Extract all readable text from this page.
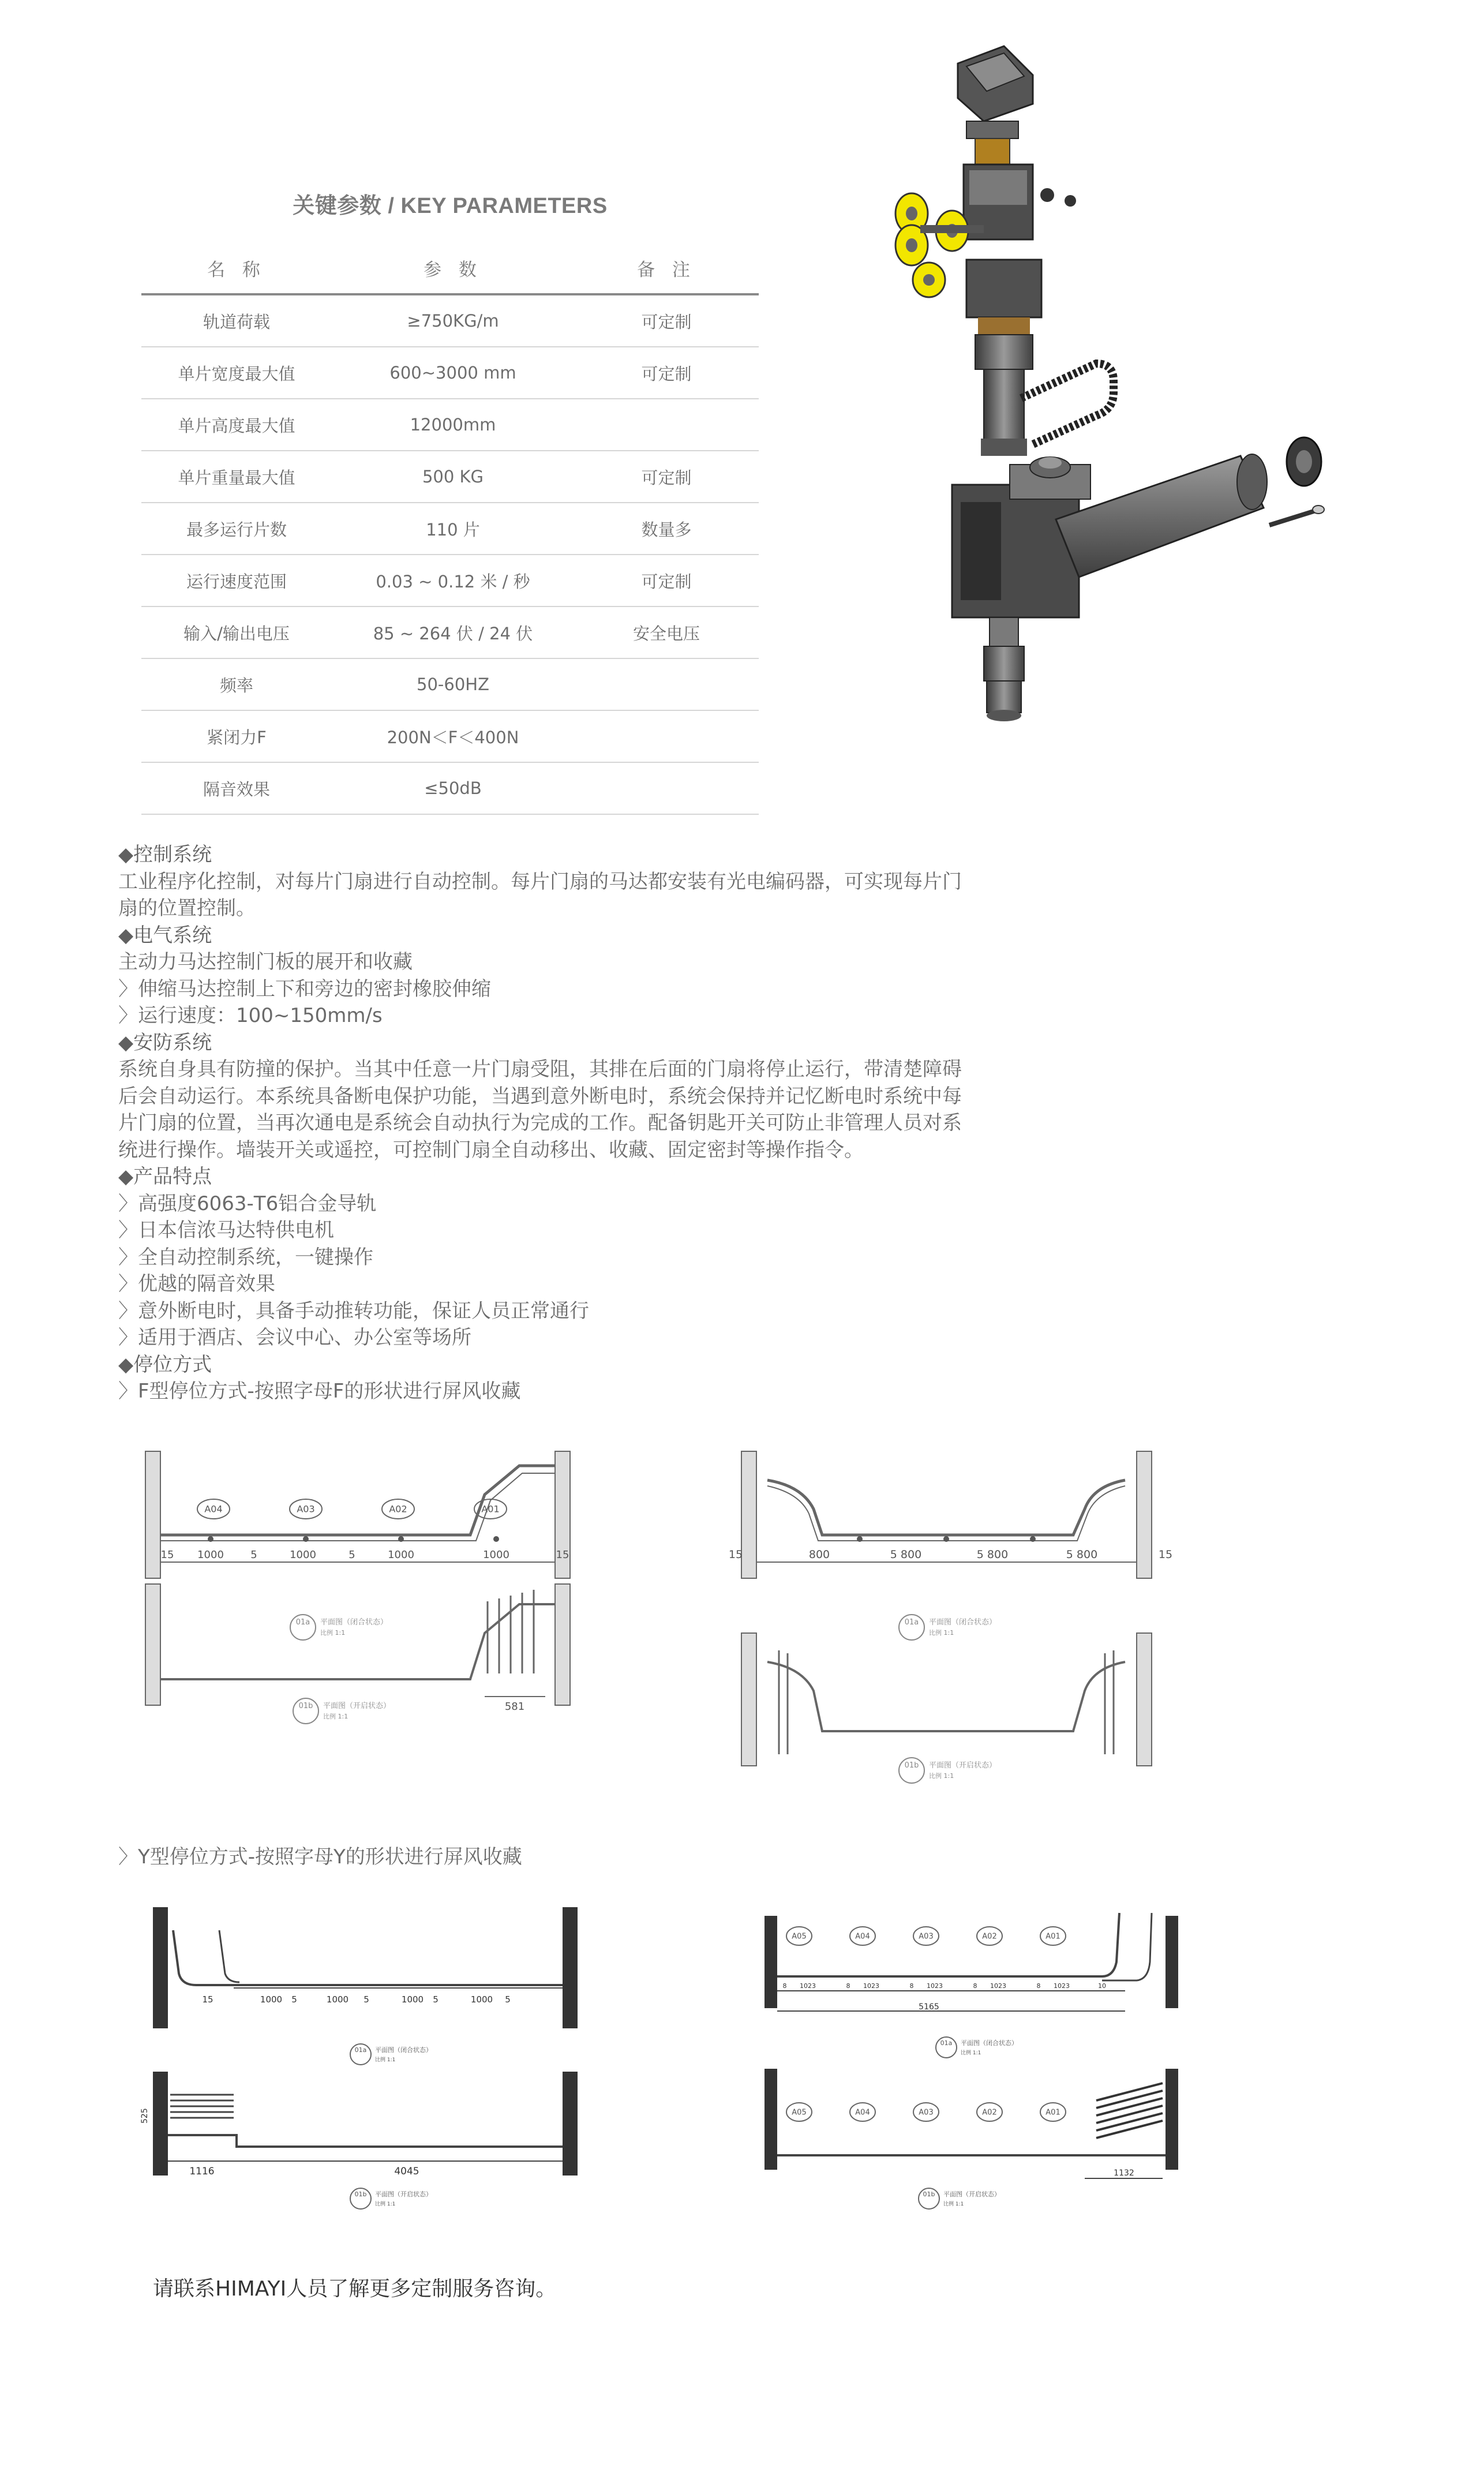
关键参数 / KEY PARAMETERS
名 称	参 数	备 注
轨道荷载	≥750KG/m	可定制
单片宽度最大值	600~3000 mm	可定制
单片高度最大值	12000mm	
单片重量最大值	500 KG	可定制
最多运行片数	110 片	数量多
运行速度范围	0.03 ~ 0.12 米 / 秒	可定制
输入/输出电压	85 ~ 264 伏 / 24 伏	安全电压
频率	50-60HZ	
紧闭力F	200N＜F＜400N	
隔音效果	≤50dB	
◆控制系统
工业程序化控制，对每片门扇进行自动控制。每片门扇的马达都安装有光电编码器，可实现每片门
扇的位置控制。
◆电气系统
主动力马达控制门板的展开和收藏
〉伸缩马达控制上下和旁边的密封橡胶伸缩
〉运行速度：100~150mm/s
◆安防系统
系统自身具有防撞的保护。当其中任意一片门扇受阻，其排在后面的门扇将停止运行，带清楚障碍
后会自动运行。本系统具备断电保护功能，当遇到意外断电时，系统会保持并记忆断电时系统中每
片门扇的位置，当再次通电是系统会自动执行为完成的工作。配备钥匙开关可防止非管理人员对系
统进行操作。墙装开关或遥控，可控制门扇全自动移出、收藏、固定密封等操作指令。
◆产品特点
〉高强度6063-T6铝合金导轨
〉日本信浓马达特供电机
〉全自动控制系统，一键操作
〉优越的隔音效果
〉意外断电时，具备手动推转功能，保证人员正常通行
〉适用于酒店、会议中心、办公室等场所
◆停位方式
〉F型停位方式-按照字母F的形状进行屏风收藏
A04	A03	A02	A01
15 1000	5	1000	5	1000	1000	15
01a 平面图（闭合状态）
比例 1:1
581
01b 平面图（开启状态）
比例 1:1
15	800	5 800	5 800	5 800	15
01a 平面图（闭合状态）
比例 1:1
01b 平面图（开启状态）
比例 1:1
〉Y型停位方式-按照字母Y的形状进行屏风收藏
15	1000 5	1000 5	1000 5	1000 5
01a 平面图（闭合状态）
比例 1:1
525
1116	4045
01b 平面图（开启状态）
比例 1:1
A05	A04	A03	A02	A01
8 1023	8 1023	8 1023	8 1023	8 1023	10
5165
01a 平面图（闭合状态）
比例 1:1
A05	A04	A03	A02	A01
1132
01b 平面图（开启状态）
比例 1:1
请联系HIMAYI人员了解更多定制服务咨询。
